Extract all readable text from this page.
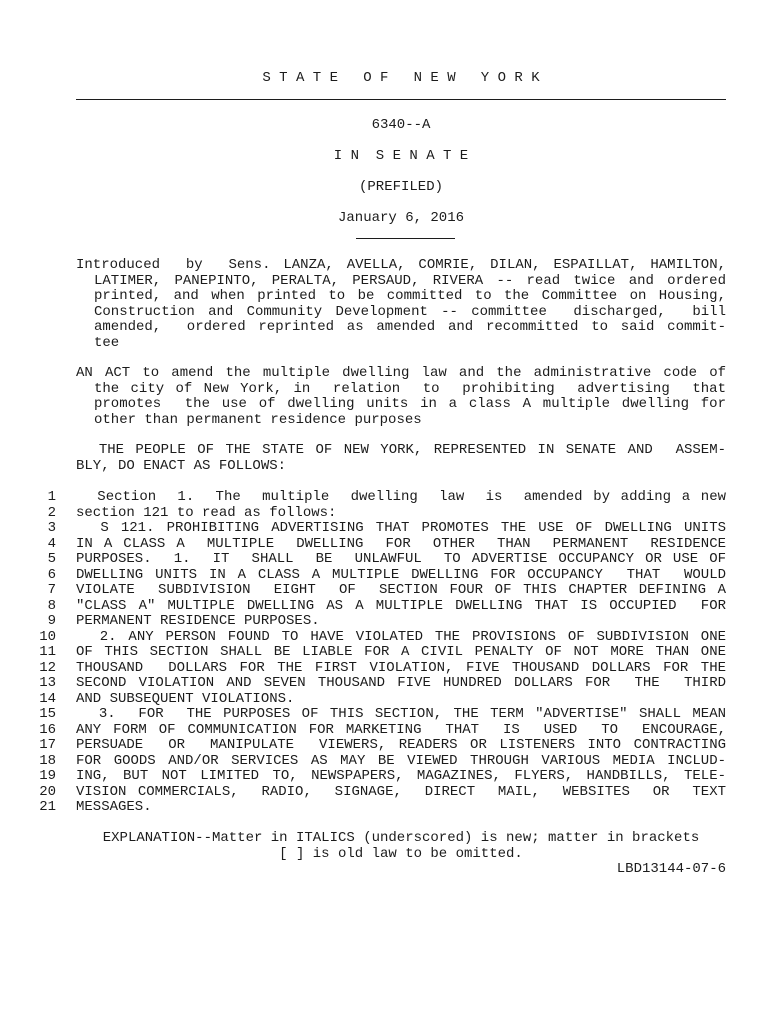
S T A T E   O F   N E W   Y O R K
6340--A
I N  S E N A T E
(PREFILED)
January 6, 2016
Introduced  by  Sens. LANZA, AVELLA, COMRIE, DILAN, ESPAILLAT, HAMILTON,
LATIMER, PANEPINTO, PERALTA, PERSAUD, RIVERA -- read twice and ordered
printed, and when printed to be committed to the Committee on Housing,
Construction and Community Development -- committee  discharged,  bill
amended,  ordered reprinted as amended and recommitted to said commit-
tee
AN ACT to amend the multiple dwelling law and the administrative code of
the city of New York, in  relation  to  prohibiting  advertising  that
promotes  the use of dwelling units in a class A multiple dwelling for
other than permanent residence purposes
THE PEOPLE OF THE STATE OF NEW YORK, REPRESENTED IN SENATE AND  ASSEM-
BLY, DO ENACT AS FOLLOWS:
1 Section  1.  The  multiple  dwelling  law  is  amended by adding a new
2 section 121 to read as follows:
3 S 121. PROHIBITING ADVERTISING THAT PROMOTES THE USE OF DWELLING UNITS
4 IN A CLASS A  MULTIPLE  DWELLING  FOR  OTHER  THAN  PERMANENT  RESIDENCE
5 PURPOSES.  1.  IT  SHALL  BE  UNLAWFUL  TO ADVERTISE OCCUPANCY OR USE OF
6 DWELLING UNITS IN A CLASS A MULTIPLE DWELLING FOR OCCUPANCY  THAT  WOULD
7 VIOLATE  SUBDIVISION  EIGHT  OF  SECTION FOUR OF THIS CHAPTER DEFINING A
8 "CLASS A" MULTIPLE DWELLING AS A MULTIPLE DWELLING THAT IS OCCUPIED  FOR
9 PERMANENT RESIDENCE PURPOSES.
10 2. ANY PERSON FOUND TO HAVE VIOLATED THE PROVISIONS OF SUBDIVISION ONE
11 OF THIS SECTION SHALL BE LIABLE FOR A CIVIL PENALTY OF NOT MORE THAN ONE
12 THOUSAND  DOLLARS FOR THE FIRST VIOLATION, FIVE THOUSAND DOLLARS FOR THE
13 SECOND VIOLATION AND SEVEN THOUSAND FIVE HUNDRED DOLLARS FOR  THE  THIRD
14 AND SUBSEQUENT VIOLATIONS.
15 3.  FOR  THE PURPOSES OF THIS SECTION, THE TERM "ADVERTISE" SHALL MEAN
16 ANY FORM OF COMMUNICATION FOR MARKETING  THAT  IS  USED  TO  ENCOURAGE,
17 PERSUADE  OR  MANIPULATE  VIEWERS, READERS OR LISTENERS INTO CONTRACTING
18 FOR GOODS AND/OR SERVICES AS MAY BE VIEWED THROUGH VARIOUS MEDIA INCLUD-
19 ING, BUT NOT LIMITED TO, NEWSPAPERS, MAGAZINES, FLYERS, HANDBILLS, TELE-
20 VISION COMMERCIALS,  RADIO,  SIGNAGE,  DIRECT  MAIL,  WEBSITES  OR  TEXT
21 MESSAGES.
EXPLANATION--Matter in ITALICS (underscored) is new; matter in brackets
[ ] is old law to be omitted.
LBD13144-07-6
